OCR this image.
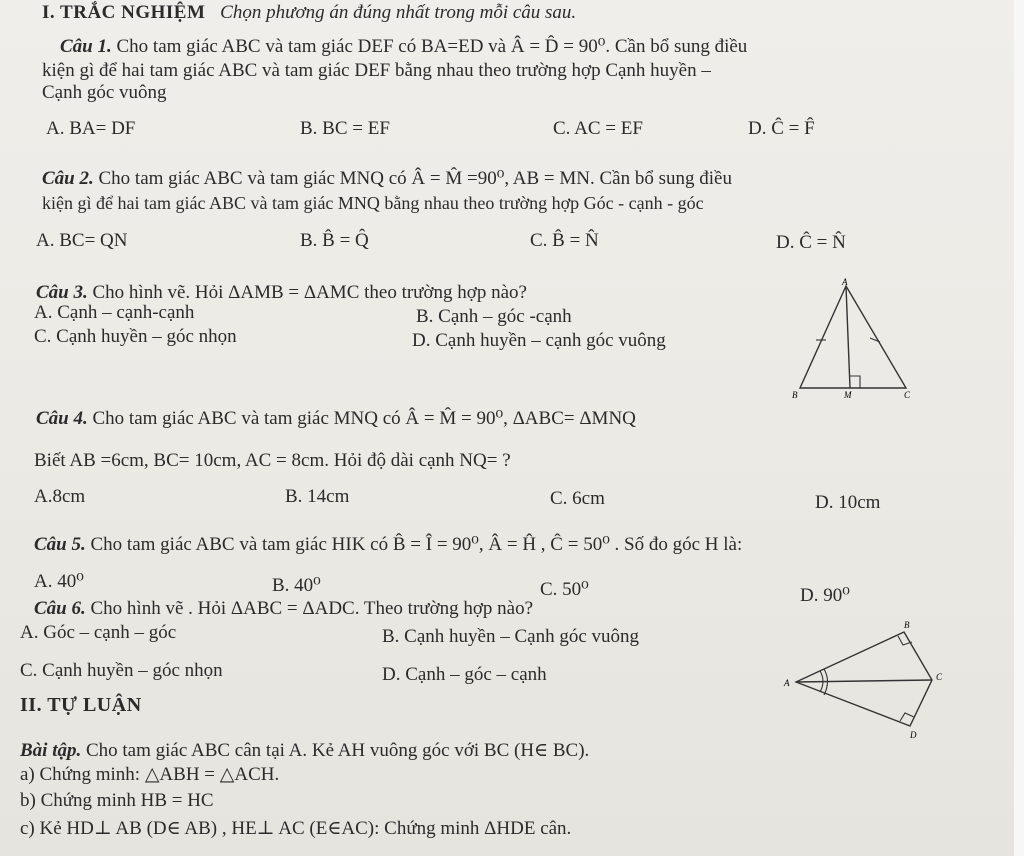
I. TRẮC NGHIỆM Chọn phương án đúng nhất trong mỗi câu sau.
Câu 1. Cho tam giác ABC và tam giác DEF có BA=ED và Â = D̂ = 90⁰. Cần bổ sung điều
kiện gì để hai tam giác ABC và tam giác DEF bằng nhau theo trường hợp Cạnh huyền –
Cạnh góc vuông
A. BA= DF	B. BC = EF	C. AC = EF	D. Ĉ = F̂
Câu 2. Cho tam giác ABC và tam giác MNQ có Â = M̂ =90⁰, AB = MN. Cần bổ sung điều
kiện gì để hai tam giác ABC và tam giác MNQ bằng nhau theo trường hợp Góc - cạnh - góc
A. BC= QN	B. B̂ = Q̂	C. B̂ = N̂	D. Ĉ = N̂
Câu 3. Cho hình vẽ. Hỏi ΔAMB = ΔAMC theo trường hợp nào?
A. Cạnh – cạnh-cạnh	B. Cạnh – góc -cạnh
C. Cạnh huyền – góc nhọn	D. Cạnh huyền – cạnh góc vuông
A
B	M	C
Câu 4. Cho tam giác ABC và tam giác MNQ có Â = M̂ = 90⁰, ΔABC= ΔMNQ
Biết AB =6cm, BC= 10cm, AC = 8cm. Hỏi độ dài cạnh NQ= ?
A.8cm	B. 14cm	C. 6cm	D. 10cm
Câu 5. Cho tam giác ABC và tam giác HIK có B̂ = Î = 90⁰, Â = Ĥ , Ĉ = 50⁰ . Số đo góc H là:
A. 40⁰	B. 40⁰	C. 50⁰	D. 90⁰
Câu 6. Cho hình vẽ . Hỏi ΔABC = ΔADC. Theo trường hợp nào?
A. Góc – cạnh – góc	B. Cạnh huyền – Cạnh góc vuông
C. Cạnh huyền – góc nhọn	D. Cạnh – góc – cạnh
B
A
C
D
II. TỰ LUẬN
Bài tập. Cho tam giác ABC cân tại A. Kẻ AH vuông góc với BC (H∈ BC).
a) Chứng minh: △ABH = △ACH.
b) Chứng minh HB = HC
c) Kẻ HD⊥ AB (D∈ AB) , HE⊥ AC (E∈AC): Chứng minh ΔHDE cân.
